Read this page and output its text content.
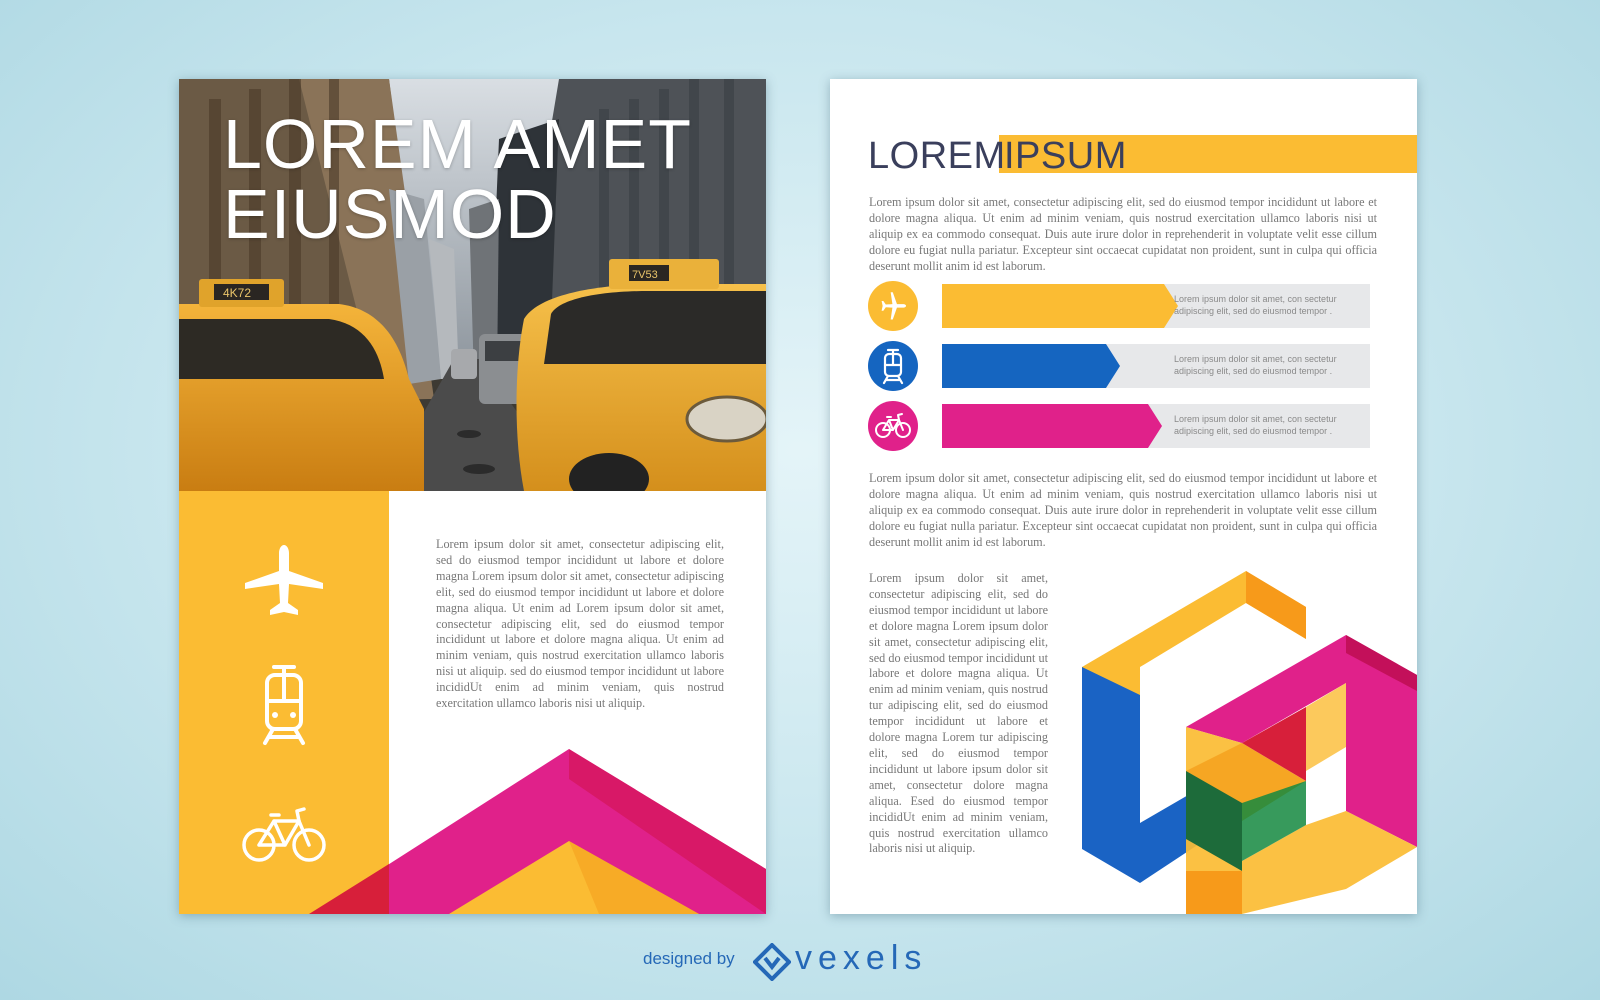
4K72
7V53
LOREM AMET
EIUSMOD

Lorem ipsum dolor sit amet, consectetur adipiscing elit, sed do eiusmod tempor incididunt ut labore et dolore magna Lorem ipsum dolor sit amet, consectetur adipiscing elit, sed do eiusmod tempor incididunt ut labore et dolore magna aliqua. Ut enim ad Lorem ipsum dolor sit amet, consectetur adipiscing elit, sed do eiusmod tempor incididunt ut labore et dolore magna aliqua. Ut enim ad minim veniam, quis nostrud exercitation ullamco laboris nisi ut aliquip. sed do eiusmod tempor incididunt ut labore incididUt enim ad minim veniam, quis nostrud exercitation ullamco laboris nisi ut aliquip.

LOREM
IPSUM

Lorem ipsum dolor sit amet, consectetur adipiscing elit, sed do eiusmod tempor incididunt ut labore et dolore magna aliqua. Ut enim ad minim veniam, quis nostrud exercitation ullamco laboris nisi ut aliquip ex ea commodo consequat. Duis aute irure dolor in reprehenderit in voluptate velit esse cillum dolore eu fugiat nulla pariatur. Excepteur sint occaecat cupidatat non proident, sunt in culpa qui officia deserunt mollit anim id est laborum.

Lorem ipsum dolor sit amet, con sectetur
adipiscing elit, sed do eiusmod tempor .

Lorem ipsum dolor sit amet, con sectetur
adipiscing elit, sed do eiusmod tempor .

Lorem ipsum dolor sit amet, con sectetur
adipiscing elit, sed do eiusmod tempor .

Lorem ipsum dolor sit amet, consectetur adipiscing elit, sed do eiusmod tempor incididunt ut labore et dolore magna aliqua. Ut enim ad minim veniam, quis nostrud exercitation ullamco laboris nisi ut aliquip ex ea commodo consequat. Duis aute irure dolor in reprehenderit in voluptate velit esse cillum dolore eu fugiat nulla pariatur. Excepteur sint occaecat cupidatat non proident, sunt in culpa qui officia deserunt mollit anim id est laborum.

Lorem ipsum dolor sit amet, consectetur adipiscing elit, sed do eiusmod tempor incididunt ut labore et dolore magna Lorem ipsum dolor sit amet, consectetur adipiscing elit, sed do eiusmod tempor incididunt ut labore et dolore magna aliqua. Ut enim ad minim veniam, quis nostrud tur adipiscing elit, sed do eiusmod tempor incididunt ut labore et dolore magna Lorem tur adipiscing elit, sed do eiusmod tempor incididunt ut labore ipsum dolor sit amet, consectetur dolore magna aliqua. Esed do eiusmod tempor incididUt enim ad minim veniam, quis nostrud exercitation ullamco laboris nisi ut aliquip.

designed by vexels
